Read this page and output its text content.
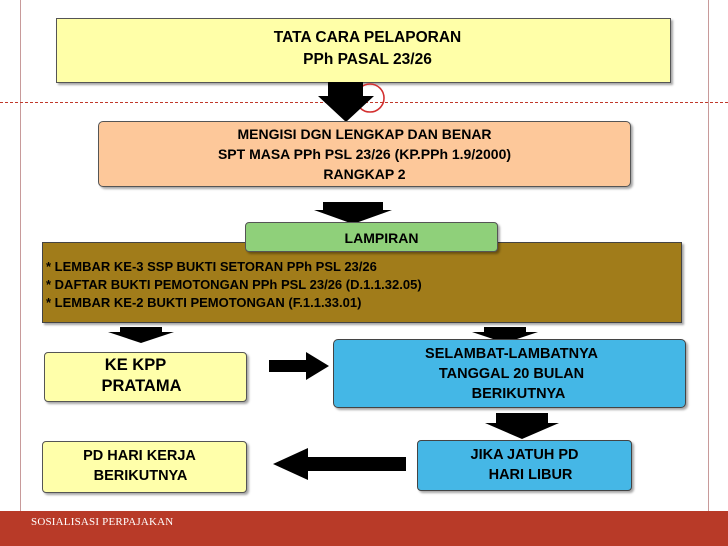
TATA CARA PELAPORAN
PPh PASAL 23/26
MENGISI DGN LENGKAP DAN BENAR
SPT MASA PPh PSL 23/26 (KP.PPh 1.9/2000)
RANGKAP 2
* LEMBAR KE-3 SSP BUKTI SETORAN PPh PSL 23/26
* DAFTAR BUKTI PEMOTONGAN PPh PSL 23/26 (D.1.1.32.05)
* LEMBAR KE-2 BUKTI PEMOTONGAN (F.1.1.33.01)
LAMPIRAN
KE KPP
PRATAMA
SELAMBAT-LAMBATNYA
TANGGAL 20 BULAN
BERIKUTNYA
JIKA JATUH PD
HARI LIBUR
PD HARI KERJA
BERIKUTNYA
SOSIALISASI PERPAJAKAN
